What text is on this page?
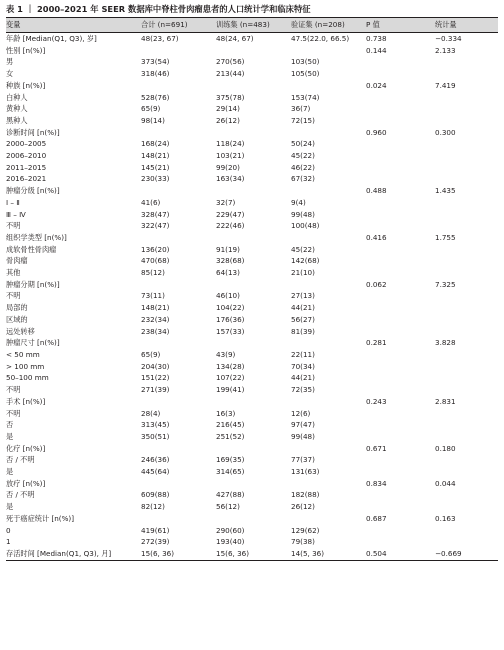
表 1 ｜ 2000–2021 年 SEER 数据库中脊柱骨肉瘤患者的人口统计学和临床特征
变量	合计 (n=691)	训练集 (n=483)	验证集 (n=208)	P 值	统计量
年龄 [Median(Q1, Q3), 岁]	48(23, 67)	48(24, 67)	47.5(22.0, 66.5)	0.738	−0.334
性别 [n(%)]				0.144	2.133
男	373(54)	270(56)	103(50)		
女	318(46)	213(44)	105(50)		
种族 [n(%)]				0.024	7.419
白种人	528(76)	375(78)	153(74)		
黄种人	65(9)	29(14)	36(7)		
黑种人	98(14)	26(12)	72(15)		
诊断时间 [n(%)]				0.960	0.300
2000–2005	168(24)	118(24)	50(24)		
2006–2010	148(21)	103(21)	45(22)		
2011–2015	145(21)	99(20)	46(22)		
2016–2021	230(33)	163(34)	67(32)		
肿瘤分级 [n(%)]				0.488	1.435
Ⅰ – Ⅱ	41(6)	32(7)	9(4)		
Ⅲ – Ⅳ	328(47)	229(47)	99(48)		
不明	322(47)	222(46)	100(48)		
组织学类型 [n(%)]				0.416	1.755
成软骨性骨肉瘤	136(20)	91(19)	45(22)		
骨肉瘤	470(68)	328(68)	142(68)		
其他	85(12)	64(13)	21(10)		
肿瘤分期 [n(%)]				0.062	7.325
不明	73(11)	46(10)	27(13)		
局部的	148(21)	104(22)	44(21)		
区域的	232(34)	176(36)	56(27)		
远处转移	238(34)	157(33)	81(39)		
肿瘤尺寸 [n(%)]				0.281	3.828
< 50 mm	65(9)	43(9)	22(11)		
> 100 mm	204(30)	134(28)	70(34)		
50–100 mm	151(22)	107(22)	44(21)		
不明	271(39)	199(41)	72(35)		
手术 [n(%)]				0.243	2.831
不明	28(4)	16(3)	12(6)		
否	313(45)	216(45)	97(47)		
是	350(51)	251(52)	99(48)		
化疗 [n(%)]				0.671	0.180
否 / 不明	246(36)	169(35)	77(37)		
是	445(64)	314(65)	131(63)		
放疗 [n(%)]				0.834	0.044
否 / 不明	609(88)	427(88)	182(88)		
是	82(12)	56(12)	26(12)		
死于癌症统计 [n(%)]				0.687	0.163
0	419(61)	290(60)	129(62)		
1	272(39)	193(40)	79(38)		
存活时间 [Median(Q1, Q3), 月]	15(6, 36)	15(6, 36)	14(5, 36)	0.504	−0.669
